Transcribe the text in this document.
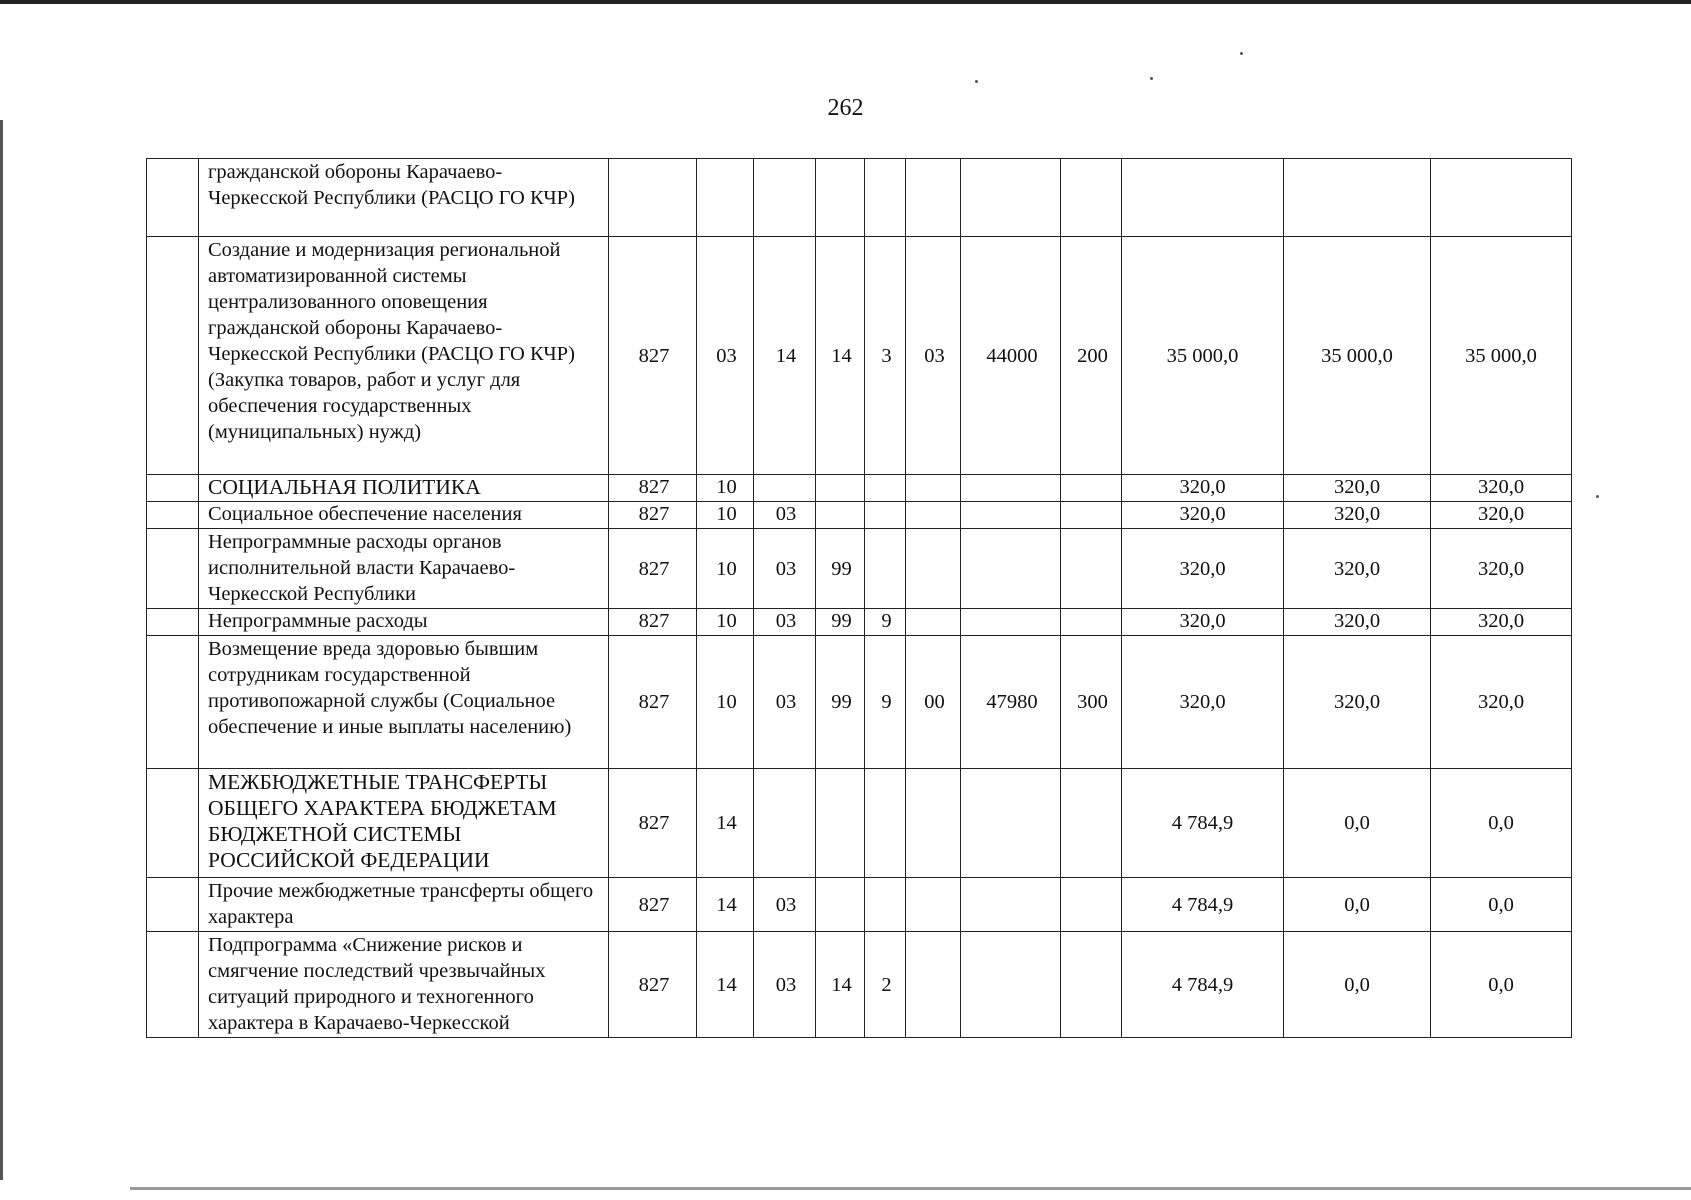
262
	гражданской обороны Карачаево-Черкесской Республики (РАСЦО ГО КЧР)											
	Создание и модернизация региональной автоматизированной системы централизованного оповещения гражданской обороны Карачаево-Черкесской Республики (РАСЦО ГО КЧР) (Закупка товаров, работ и услуг для обеспечения государственных (муниципальных) нужд)	827	03	14	14	3	03	44000	200	35 000,0	35 000,0	35 000,0
	СОЦИАЛЬНАЯ ПОЛИТИКА	827	10							320,0	320,0	320,0
	Социальное обеспечение населения	827	10	03						320,0	320,0	320,0
	Непрограммные расходы органов исполнительной власти Карачаево-Черкесской Республики	827	10	03	99					320,0	320,0	320,0
	Непрограммные расходы	827	10	03	99	9				320,0	320,0	320,0
	Возмещение вреда здоровью бывшим сотрудникам государственной противопожарной службы (Социальное обеспечение и иные выплаты населению)	827	10	03	99	9	00	47980	300	320,0	320,0	320,0
	МЕЖБЮДЖЕТНЫЕ ТРАНСФЕРТЫ ОБЩЕГО ХАРАКТЕРА БЮДЖЕТАМ БЮДЖЕТНОЙ СИСТЕМЫ РОССИЙСКОЙ ФЕДЕРАЦИИ	827	14							4 784,9	0,0	0,0
	Прочие межбюджетные трансферты общего характера	827	14	03						4 784,9	0,0	0,0
	Подпрограмма «Снижение рисков и смягчение последствий чрезвычайных ситуаций природного и техногенного характера в Карачаево-Черкесской	827	14	03	14	2				4 784,9	0,0	0,0
